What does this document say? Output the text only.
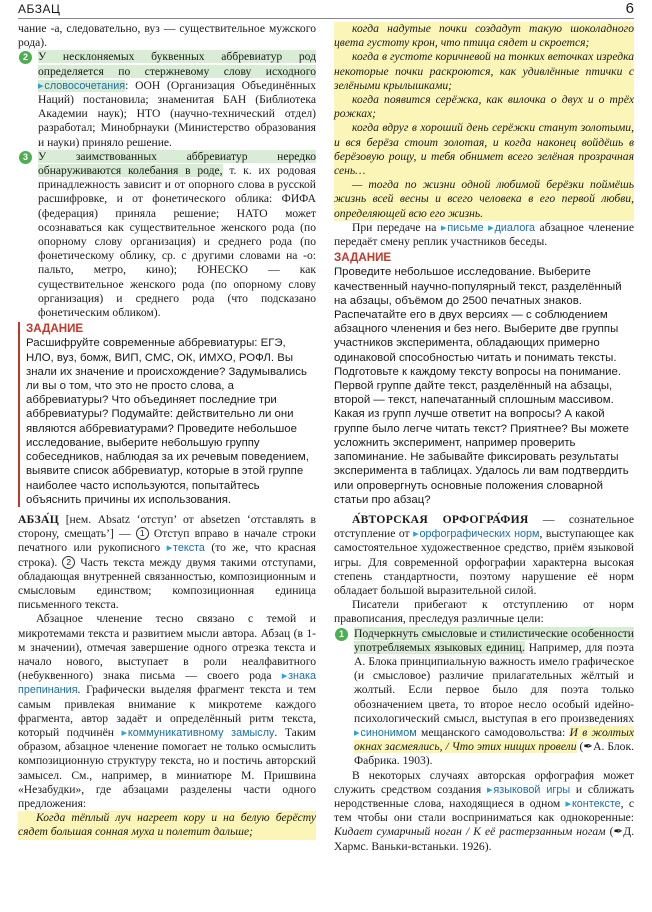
АБЗАЦ	6

чание -а, следовательно, вуз — существительное мужского рода).

2 У несклоняемых буквенных аббревиатур род определяется по стержневому слову исходного ▸ словосочетания: ООН (Организация Объединённых Наций) постановила; знаменитая БАН (Библиотека Академии наук); НТО (научно-технический отдел) разработал; Минобрнауки (Министерство образования и науки) приняло решение.

3 У заимствованных аббревиатур нередко обнаруживаются колебания в роде, т. к. их родовая принадлежность зависит и от опорного слова в русской расшифровке, и от фонетического облика: ФИФА (федерация) приняла решение; НАТО может осознаваться как существительное женского рода (по опорному слову организация) и среднего рода (по фонетическому облику, ср. с другими словами на -о: пальто, метро, кино); ЮНЕСКО — как существительное женского рода (по опорному слову организация) и среднего рода (что подсказано фонетическим обликом).

ЗАДАНИЕ

Расшифруйте современные аббревиатуры: ЕГЭ, НЛО, вуз, бомж, ВИП, СМС, ОК, ИМХО, РОФЛ. Вы знали их значение и происхождение? Задумывались ли вы о том, что это не просто слова, а аббревиатуры? Что объединяет последние три аббревиатуры? Подумайте: действительно ли они являются аббревиатурами? Проведите небольшое исследование, выберите небольшую группу собеседников, наблюдая за их речевым поведением, выявите список аббревиатур, которые в этой группе наиболее часто используются, попытайтесь объяснить причины их использования.

АБЗА́Ц [нем. Absatz ‘отступ’ от absetzen ‘отставлять в сторону, смещать’] — 1 Отступ вправо в начале строки печатного или рукописного ▸ текста (то же, что красная строка). 2 Часть текста между двумя такими отступами, обладающая внутренней связанностью, композиционным и смысловым единством; композиционная единица письменного текста.

Абзацное членение тесно связано с темой и микротемами текста и развитием мысли автора. Абзац (в 1-м значении), отмечая завершение одного отрезка текста и начало нового, выступает в роли неалфавитного (небуквенного) знака письма — своего рода ▸ знака препинания. Графически выделяя фрагмент текста и тем самым привлекая внимание к микротеме каждого фрагмента, автор задаёт и определённый ритм текста, который подчинён ▸ коммуникативному замыслу. Таким образом, абзацное членение помогает не только осмыслить композиционную структуру текста, но и постичь авторский замысел. См., например, в миниатюре М. Пришвина «Незабудки», где абзацами разделены части одного предложения:

Когда тёплый луч нагреет кору и на белую берёсту сядет большая сонная муха и полетит дальше;

когда надутые почки создадут такую шоколадного цвета густоту крон, что птица сядет и скроется;

когда в густоте коричневой на тонких веточках изредка некоторые почки раскроются, как удивлённые птички с зелёными крылышками;

когда появится серёжка, как вилочка о двух и о трёх рожках;

когда вдруг в хороший день серёжки станут золотыми, и вся берёза стоит золотая, и когда наконец войдёшь в берёзовую рощу, и тебя обнимет всего зелёная прозрачная сень…

— тогда по жизни одной любимой берёзки поймёшь жизнь всей весны и всего человека в его первой любви, определяющей всю его жизнь.

При передаче на ▸ письме ▸ диалога абзацное членение передаёт смену реплик участников беседы.

ЗАДАНИЕ

Проведите небольшое исследование. Выберите качественный научно-популярный текст, разделённый на абзацы, объёмом до 2500 печатных знаков. Распечатайте его в двух версиях — с соблюдением абзацного членения и без него. Выберите две группы участников эксперимента, обладающих примерно одинаковой способностью читать и понимать тексты. Подготовьте к каждому тексту вопросы на понимание. Первой группе дайте текст, разделённый на абзацы, второй — текст, напечатанный сплошным массивом. Какая из групп лучше ответит на вопросы? А какой группе было легче читать текст? Приятнее? Вы можете усложнить эксперимент, например проверить запоминание. Не забывайте фиксировать результаты эксперимента в таблицах. Удалось ли вам подтвердить или опровергнуть основные положения словарной статьи про абзац?

А́ВТОРСКАЯ ОРФОГРА́ФИЯ — сознательное отступление от ▸ орфографических норм, выступающее как самостоятельное художественное средство, приём языковой игры. Для современной орфографии характерна высокая степень стандартности, поэтому нарушение её норм обладает большой выразительной силой.

Писатели прибегают к отступлению от норм правописания, преследуя различные цели:

1 Подчеркнуть смысловые и стилистические особенности употребляемых языковых единиц. Например, для поэта А. Блока принципиальную важность имело графическое (и смысловое) различие прилагательных жёлтый и жолтый. Если первое было для поэта только обозначением цвета, то второе несло особый идейно-психологический смысл, выступая в его произведениях ▸ синонимом мещанского самодовольства: И в жолтых окнах засмеялись, / Что этих нищих провели (✒А. Блок. Фабрика. 1903).

В некоторых случаях авторская орфография может служить средством создания ▸ языковой игры и сближать неродственные слова, находящиеся в одном ▸ контексте, с тем чтобы они стали восприниматься как однокоренные: Кидает сумарчный ноган / К её растерзанным ногам (✒Д. Хармс. Ваньки-встаньки. 1926).
